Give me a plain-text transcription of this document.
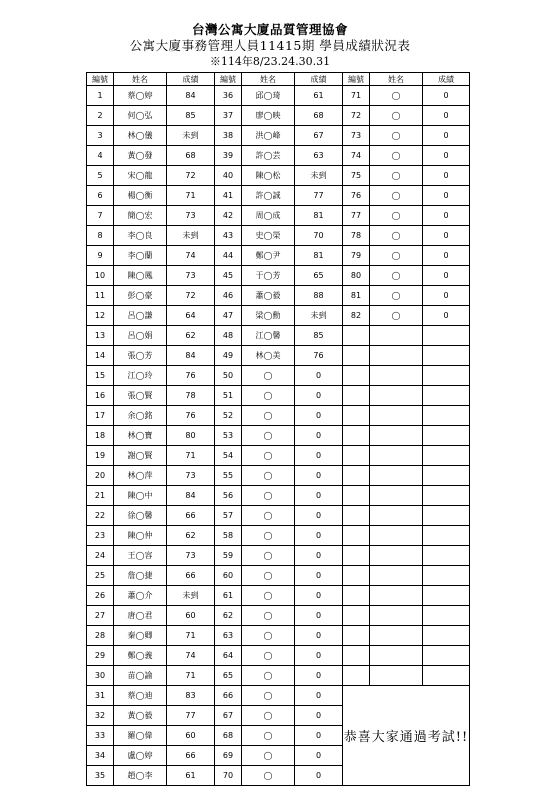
台灣公寓大廈品質管理協會
公寓大廈事務管理人員11415期 學員成績狀況表
※114年8/23.24.30.31
編號	姓名	成績	編號	姓名	成績	編號	姓名	成績
1	蔡◯婷	84	36	邱◯琦	61	71	◯	0
2	何◯弘	85	37	廖◯映	68	72	◯	0
3	林◯儀	未到	38	洪◯峰	67	73	◯	0
4	黃◯發	68	39	許◯芸	63	74	◯	0
5	宋◯龍	72	40	陳◯松	未到	75	◯	0
6	楊◯衡	71	41	許◯誠	77	76	◯	0
7	簡◯宏	73	42	周◯成	81	77	◯	0
8	李◯良	未到	43	史◯榮	70	78	◯	0
9	李◯蘭	74	44	鄭◯尹	81	79	◯	0
10	陳◯鳳	73	45	于◯芳	65	80	◯	0
11	彭◯豪	72	46	蕭◯毅	88	81	◯	0
12	呂◯謙	64	47	梁◯勳	未到	82	◯	0
13	呂◯娟	62	48	江◯馨	85			
14	張◯芳	84	49	林◯美	76			
15	江◯玲	76	50	◯	0			
16	張◯賢	78	51	◯	0			
17	余◯銘	76	52	◯	0			
18	林◯寶	80	53	◯	0			
19	謝◯賢	71	54	◯	0			
20	林◯萍	73	55	◯	0			
21	陳◯中	84	56	◯	0			
22	徐◯馨	66	57	◯	0			
23	陳◯仲	62	58	◯	0			
24	王◯容	73	59	◯	0			
25	詹◯捷	66	60	◯	0			
26	蕭◯介	未到	61	◯	0			
27	唐◯君	60	62	◯	0			
28	秦◯卿	71	63	◯	0			
29	鄭◯義	74	64	◯	0			
30	苗◯諭	71	65	◯	0			
31	蔡◯迪	83	66	◯	0	恭喜大家通過考試!!		
32	黃◯毅	77	67	◯	0			
33	羅◯偉	60	68	◯	0			
34	盧◯婷	66	69	◯	0			
35	趙◯李	61	70	◯	0			
